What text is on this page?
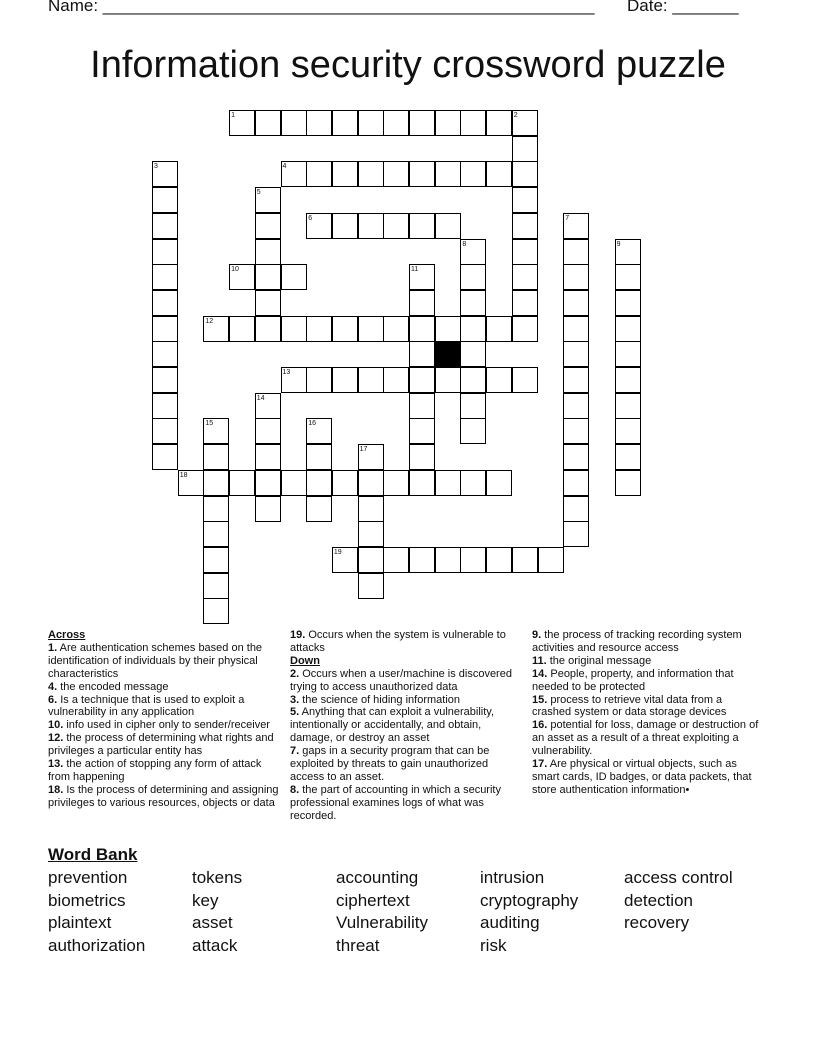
Name: ____________________________________________________ Date: _______
Information security crossword puzzle
1
4
6
10
12
13
18
19
2
3
5
7
8	9
11
14
15	16
17
Across

1. Are authentication schemes based on the identification of individuals by their physical characteristics

4. the encoded message

6. Is a technique that is used to exploit a vulnerability in any application

10. info used in cipher only to sender/receiver

12. the process of determining what rights and privileges a particular entity has

13. the action of stopping any form of attack from happening

18. Is the process of determining and assigning privileges to various resources, objects or data

19. Occurs when the system is vulnerable to attacks

Down

2. Occurs when a user/machine is discovered trying to access unauthorized data

3. the science of hiding information

5. Anything that can exploit a vulnerability, intentionally or accidentally, and obtain, damage, or destroy an asset

7. gaps in a security program that can be exploited by threats to gain unauthorized access to an asset.

8. the part of accounting in which a security professional examines logs of what was recorded.

9. the process of tracking recording system activities and resource access

11. the original message

14. People, property, and information that needed to be protected

15. process to retrieve vital data from a crashed system or data storage devices

16. potential for loss, damage or destruction of an asset as a result of a threat exploiting a vulnerability.

17. Are physical or virtual objects, such as smart cards, ID badges, or data packets, that store authentication information•

Word Bank
prevention	tokens	accounting	intrusion	access control
biometrics	key	ciphertext	cryptography	detection
plaintext	asset	Vulnerability	auditing	recovery
authorization	attack	threat	risk
